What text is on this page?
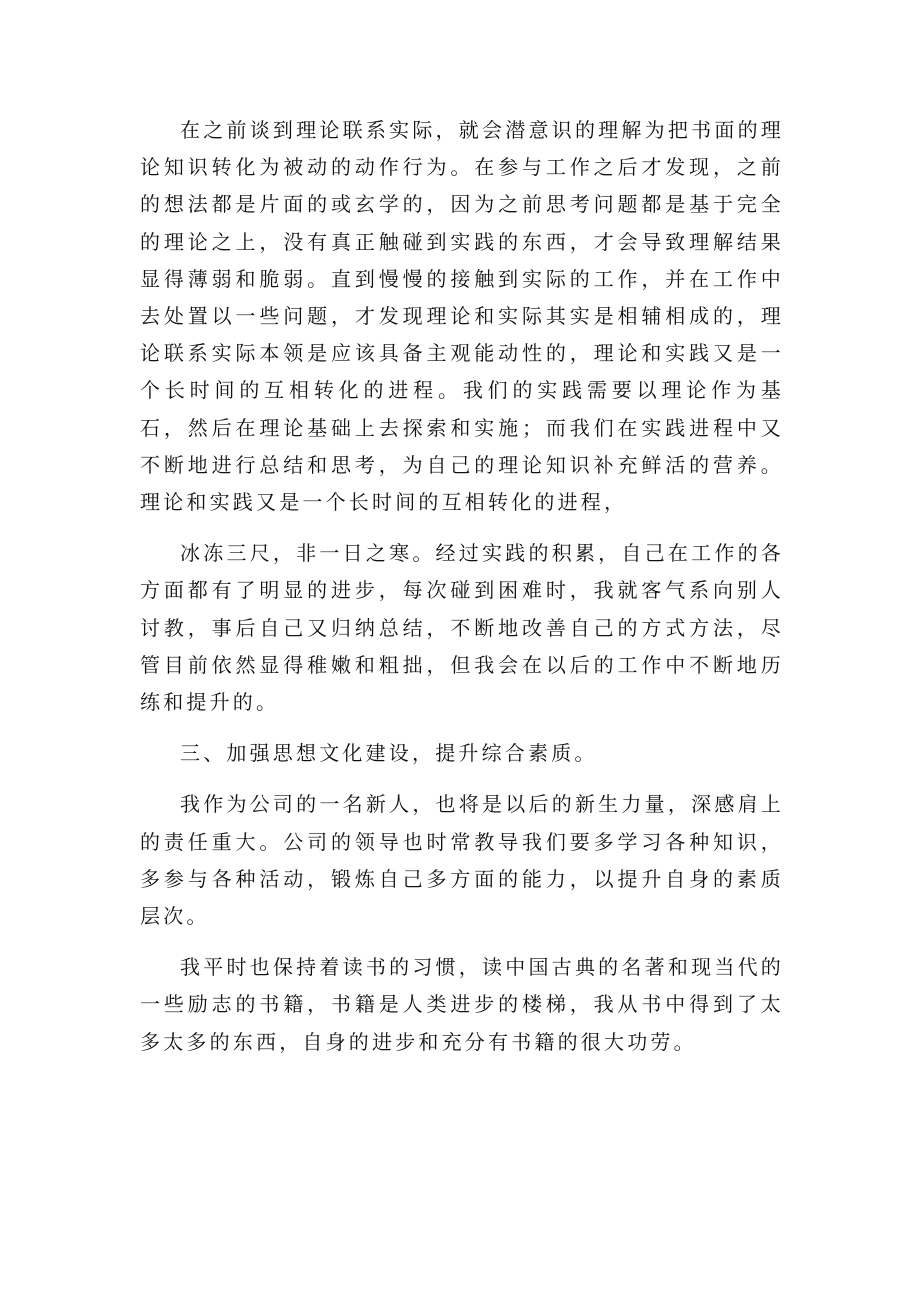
在之前谈到理论联系实际，就会潜意识的理解为把书面的理论知识转化为被动的动作行为。在参与工作之后才发现，之前的想法都是片面的或玄学的，因为之前思考问题都是基于完全的理论之上，没有真正触碰到实践的东西，才会导致理解结果显得薄弱和脆弱。直到慢慢的接触到实际的工作，并在工作中去处置以一些问题，才发现理论和实际其实是相辅相成的，理论联系实际本领是应该具备主观能动性的，理论和实践又是一个长时间的互相转化的进程。我们的实践需要以理论作为基石，然后在理论基础上去探索和实施；而我们在实践进程中又不断地进行总结和思考，为自己的理论知识补充鲜活的营养。理论和实践又是一个长时间的互相转化的进程，

冰冻三尺，非一日之寒。经过实践的积累，自己在工作的各方面都有了明显的进步，每次碰到困难时，我就客气系向别人讨教，事后自己又归纳总结，不断地改善自己的方式方法，尽管目前依然显得稚嫩和粗拙，但我会在以后的工作中不断地历练和提升的。

三、加强思想文化建设，提升综合素质。

我作为公司的一名新人，也将是以后的新生力量，深感肩上的责任重大。公司的领导也时常教导我们要多学习各种知识，多参与各种活动，锻炼自己多方面的能力，以提升自身的素质层次。

我平时也保持着读书的习惯，读中国古典的名著和现当代的一些励志的书籍，书籍是人类进步的楼梯，我从书中得到了太多太多的东西，自身的进步和充分有书籍的很大功劳。
